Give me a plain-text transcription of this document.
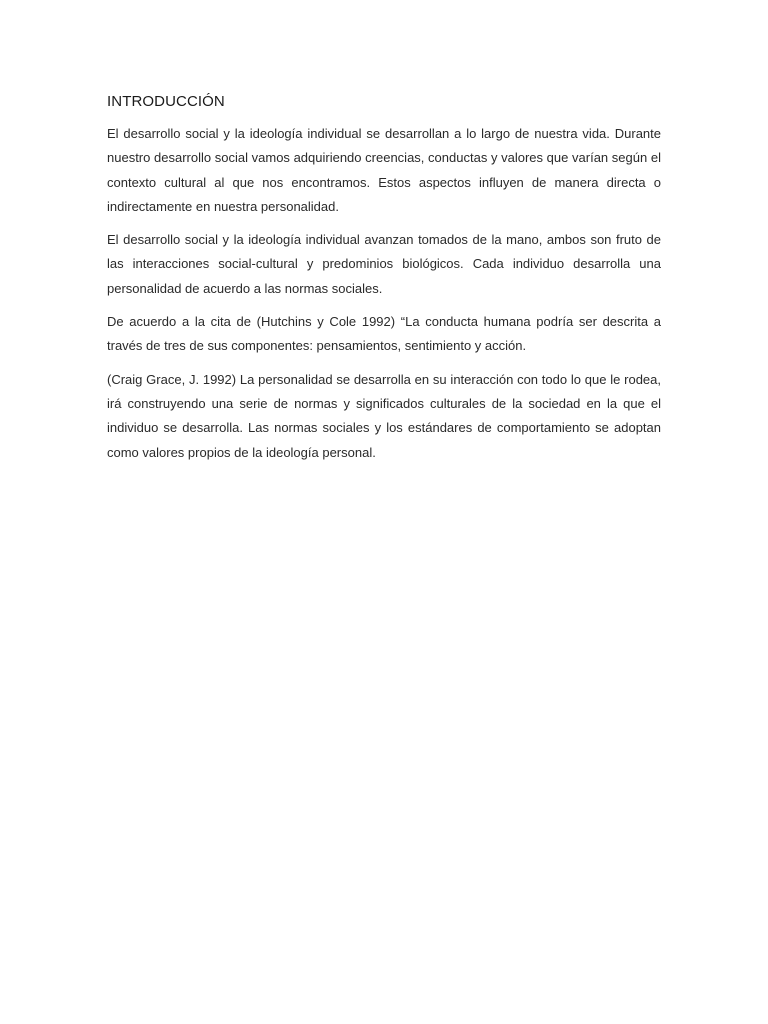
INTRODUCCIÓN

El desarrollo social y la ideología individual se desarrollan a lo largo de nuestra vida. Durante nuestro desarrollo social vamos adquiriendo creencias, conductas y valores que varían según el contexto cultural al que nos encontramos. Estos aspectos influyen de manera directa o indirectamente en nuestra personalidad.

El desarrollo social y la ideología individual avanzan tomados de la mano, ambos son fruto de las interacciones social-cultural y predominios biológicos. Cada individuo desarrolla una personalidad de acuerdo a las normas sociales.

De acuerdo a la cita de (Hutchins y Cole 1992) “La conducta humana podría ser descrita a través de tres de sus componentes: pensamientos, sentimiento y acción.

(Craig Grace, J. 1992) La personalidad se desarrolla en su interacción con todo lo que le rodea, irá construyendo una serie de normas y significados culturales de la sociedad en la que el individuo se desarrolla. Las normas sociales y los estándares de comportamiento se adoptan como valores propios de la ideología personal.
